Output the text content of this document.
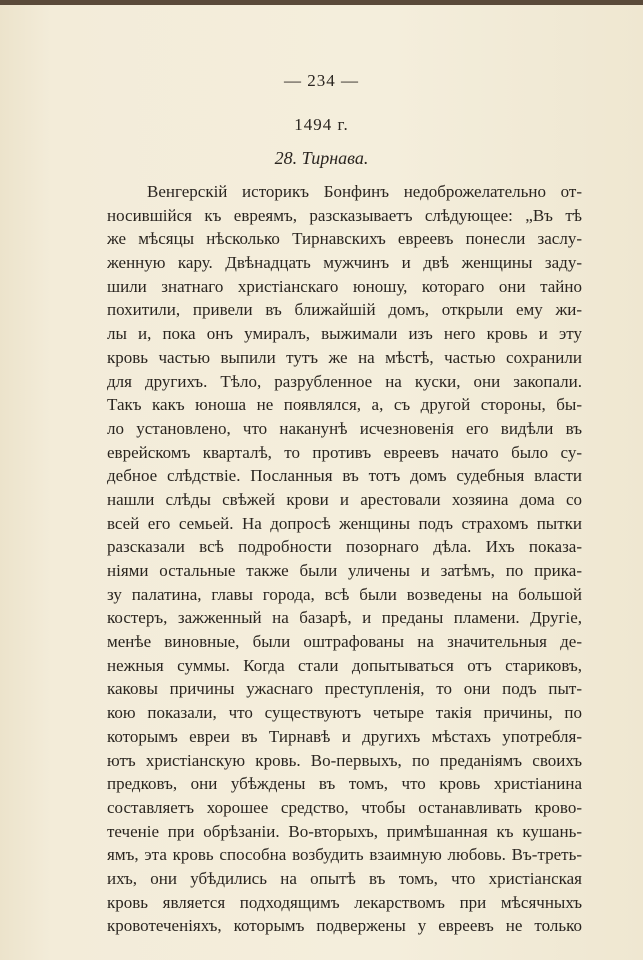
— 234 —
1494 г.
28. Тирнава.
Венгерскій историкъ Бонфинъ недоброжелательно от-
носившійся къ евреямъ, разсказываетъ слѣдующее: „Въ тѣ
же мѣсяцы нѣсколько Тирнавскихъ евреевъ понесли заслу-
женную кару. Двѣнадцать мужчинъ и двѣ женщины заду-
шили знатнаго христіанскаго юношу, котораго они тайно
похитили, привели въ ближайшій домъ, открыли ему жи-
лы и, пока онъ умиралъ, выжимали изъ него кровь и эту
кровь частью выпили тутъ же на мѣстѣ, частью сохранили
для другихъ. Тѣло, разрубленное на куски, они закопали.
Такъ какъ юноша не появлялся, а, съ другой стороны, бы-
ло установлено, что наканунѣ исчезновенія его видѣли въ
еврейскомъ кварталѣ, то противъ евреевъ начато было су-
дебное слѣдствіе. Посланныя въ тотъ домъ судебныя власти
нашли слѣды свѣжей крови и арестовали хозяина дома со
всей его семьей. На допросѣ женщины подъ страхомъ пытки
разсказали всѣ подробности позорнаго дѣла. Ихъ показа-
ніями остальные также были уличены и затѣмъ, по прика-
зу палатина, главы города, всѣ были возведены на большой
костеръ, зажженный на базарѣ, и преданы пламени. Другіе,
менѣе виновные, были оштрафованы на значительныя де-
нежныя суммы. Когда стали допытываться отъ стариковъ,
каковы причины ужаснаго преступленія, то они подъ пыт-
кою показали, что существуютъ четыре такія причины, по
которымъ евреи въ Тирнавѣ и другихъ мѣстахъ употребля-
ютъ христіанскую кровь. Во-первыхъ, по преданіямъ своихъ
предковъ, они убѣждены въ томъ, что кровь христіанина
составляетъ хорошее средство, чтобы останавливать крово-
теченіе при обрѣзаніи. Во-вторыхъ, примѣшанная къ кушань-
ямъ, эта кровь способна возбудить взаимную любовь. Въ-треть-
ихъ, они убѣдились на опытѣ въ томъ, что христіанская
кровь является подходящимъ лекарствомъ при мѣсячныхъ
кровотеченіяхъ, которымъ подвержены у евреевъ не только
